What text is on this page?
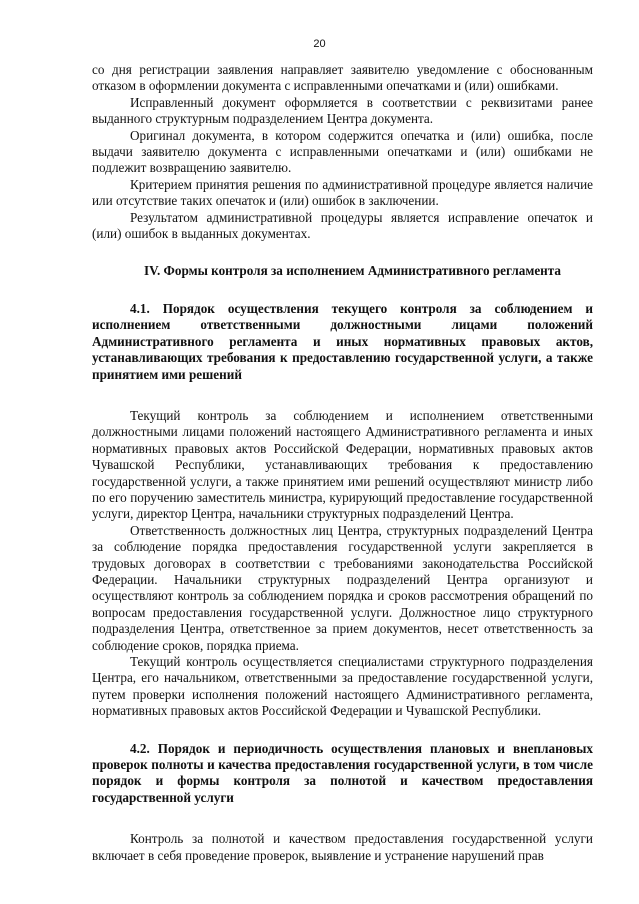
20

со дня регистрации заявления направляет заявителю уведомление с обоснованным отказом в оформлении документа с исправленными опечатками и (или) ошибками.

Исправленный документ оформляется в соответствии с реквизитами ранее выданного структурным подразделением Центра документа.

Оригинал документа, в котором содержится опечатка и (или) ошибка, после выдачи заявителю документа с исправленными опечатками и (или) ошибками не подлежит возвращению заявителю.

Критерием принятия решения по административной процедуре является наличие или отсутствие таких опечаток и (или) ошибок в заключении.

Результатом административной процедуры является исправление опечаток и (или) ошибок в выданных документах.

IV. Формы контроля за исполнением Административного регламента

4.1. Порядок осуществления текущего контроля за соблюдением и исполнением ответственными должностными лицами положений Административного регламента и иных нормативных правовых актов, устанавливающих требования к предоставлению государственной услуги, а также принятием ими решений

Текущий контроль за соблюдением и исполнением ответственными должностными лицами положений настоящего Административного регламента и иных нормативных правовых актов Российской Федерации, нормативных правовых актов Чувашской Республики, устанавливающих требования к предоставлению государственной услуги, а также принятием ими решений осуществляют министр либо по его поручению заместитель министра, курирующий предоставление государственной услуги, директор Центра, начальники структурных подразделений Центра.

Ответственность должностных лиц Центра, структурных подразделений Центра за соблюдение порядка предоставления государственной услуги закрепляется в трудовых договорах в соответствии с требованиями законодательства Российской Федерации. Начальники структурных подразделений Центра организуют и осуществляют контроль за соблюдением порядка и сроков рассмотрения обращений по вопросам предоставления государственной услуги. Должностное лицо структурного подразделения Центра, ответственное за прием документов, несет ответственность за соблюдение сроков, порядка приема.

Текущий контроль осуществляется специалистами структурного подразделения Центра, его начальником, ответственными за предоставление государственной услуги, путем проверки исполнения положений настоящего Административного регламента, нормативных правовых актов Российской Федерации и Чувашской Республики.

4.2. Порядок и периодичность осуществления плановых и внеплановых проверок полноты и качества предоставления государственной услуги, в том числе порядок и формы контроля за полнотой и качеством предоставления государственной услуги

Контроль за полнотой и качеством предоставления государственной услуги включает в себя проведение проверок, выявление и устранение нарушений прав
